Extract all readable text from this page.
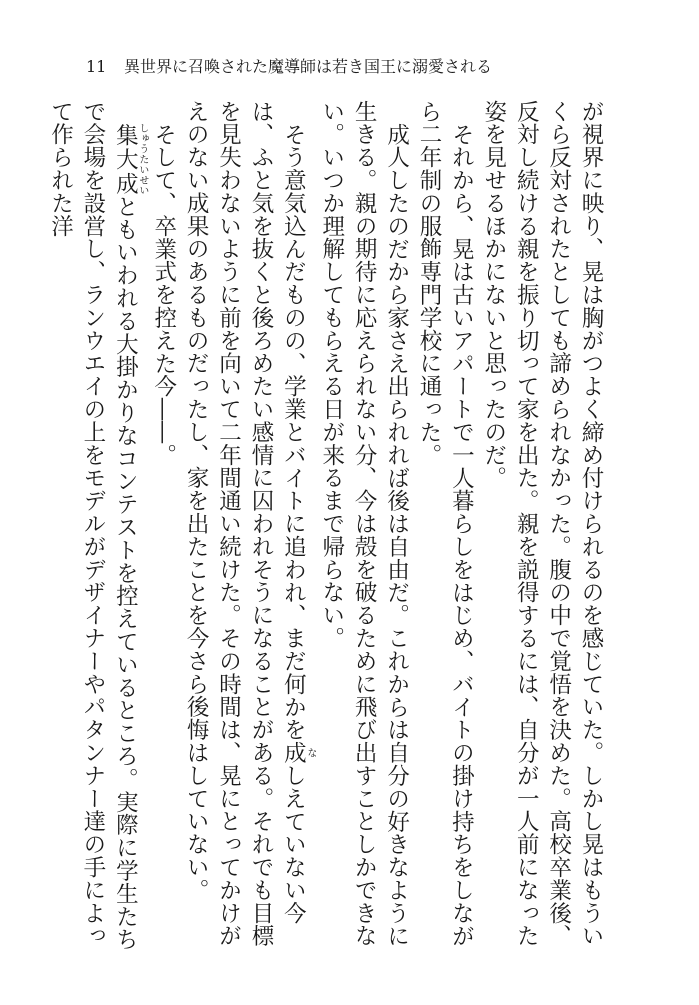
11 異世界に召喚された魔導師は若き国王に溺愛される

が視界に映り、晃は胸がつよく締め付けられるのを感じていた。しかし晃はもういくら反対されたとしても諦められなかった。腹の中で覚悟を決めた。高校卒業後、反対し続ける親を振り切って家を出た。親を説得するには、自分が一人前になった姿を見せるほかにないと思ったのだ。

それから、晃は古いアパートで一人暮らしをはじめ、バイトの掛け持ちをしながら二年制の服飾専門学校に通った。

成人したのだから家さえ出られれば後は自由だ。これからは自分の好きなように生きる。親の期待に応えられない分、今は殻を破るために飛び出すことしかできない。いつか理解してもらえる日が来るまで帰らない。

そう意気込んだものの、学業とバイトに追われ、まだ何かを成なしえていない今は、ふと気を抜くと後ろめたい感情に囚われそうになることがある。それでも目標を見失わないように前を向いて二年間通い続けた。その時間は、晃にとってかけがえのない成果のあるものだったし、家を出たことを今さら後悔はしていない。

そして、卒業式を控えた今――。

集大成しゅうたいせいともいわれる大掛かりなコンテストを控えているところ。実際に学生たちで会場を設営し、ランウエイの上をモデルがデザイナーやパタンナー達の手によって作られた洋
